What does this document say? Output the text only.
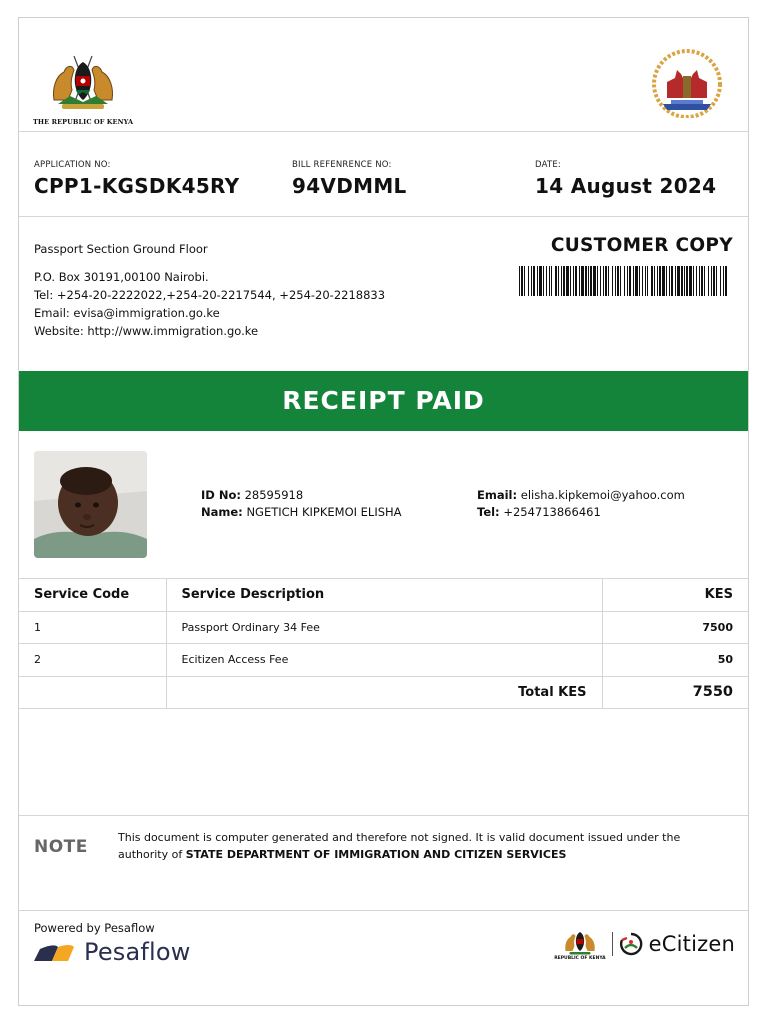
THE REPUBLIC OF KENYA
APPLICATION NO:
CPP1-KGSDK45RY
BILL REFENRENCE NO:
94VDMML
DATE:
14 August 2024
Passport Section Ground Floor
P.O. Box 30191,00100 Nairobi.
Tel: +254-20-2222022,+254-20-2217544, +254-20-2218833
Email: evisa@immigration.go.ke
Website: http://www.immigration.go.ke
CUSTOMER COPY
RECEIPT PAID
ID No: 28595918
Name: NGETICH KIPKEMOI ELISHA
Email: elisha.kipkemoi@yahoo.com
Tel: +254713866461
Service Code	Service Description	KES
1	Passport Ordinary 34 Fee	7500
2	Ecitizen Access Fee	50
	Total KES	7550
NOTE	This document is computer generated and therefore not signed. It is valid document issued under the authority of STATE DEPARTMENT OF IMMIGRATION AND CITIZEN SERVICES
Powered by Pesaflow
Pesaflow	REPUBLIC OF KENYA
eCitizen
